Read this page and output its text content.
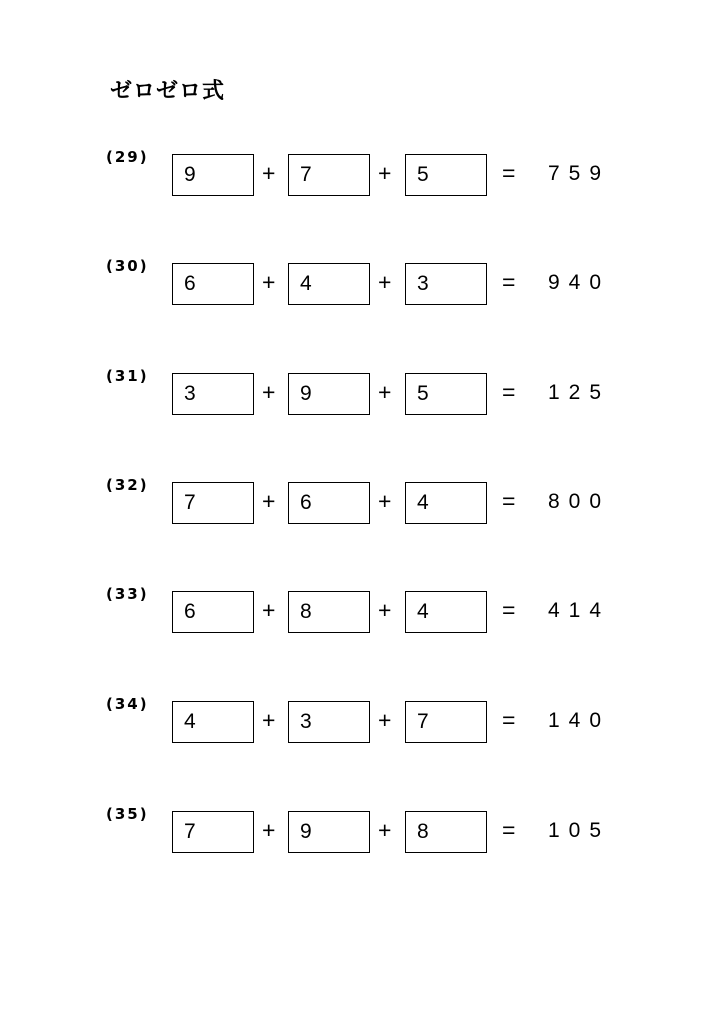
ゼロゼロ式
(29)
9	+ 7	+ 5	= 759
(30)
6	+ 4	+ 3	= 940
(31)
3	+ 9	+ 5	= 125
(32)
7	+ 6	+ 4	= 800
(33)
6	+ 8	+ 4	= 414
(34)
4	+ 3	+ 7	= 140
(35)
7	+ 9	+ 8	= 105
